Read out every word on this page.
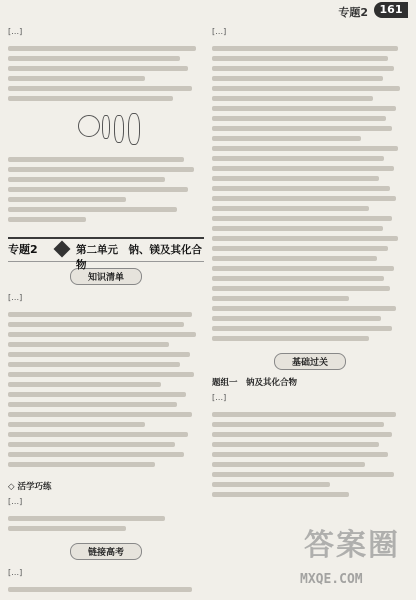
专题2	161
[…]
专题2	第二单元　钠、镁及其化合物
知识清单
[…]
◇ 活学巧练
[…]
链接高考
[…]
[…]
基础过关
题组一　钠及其化合物
[…]
答案圈
MXQE.COM
